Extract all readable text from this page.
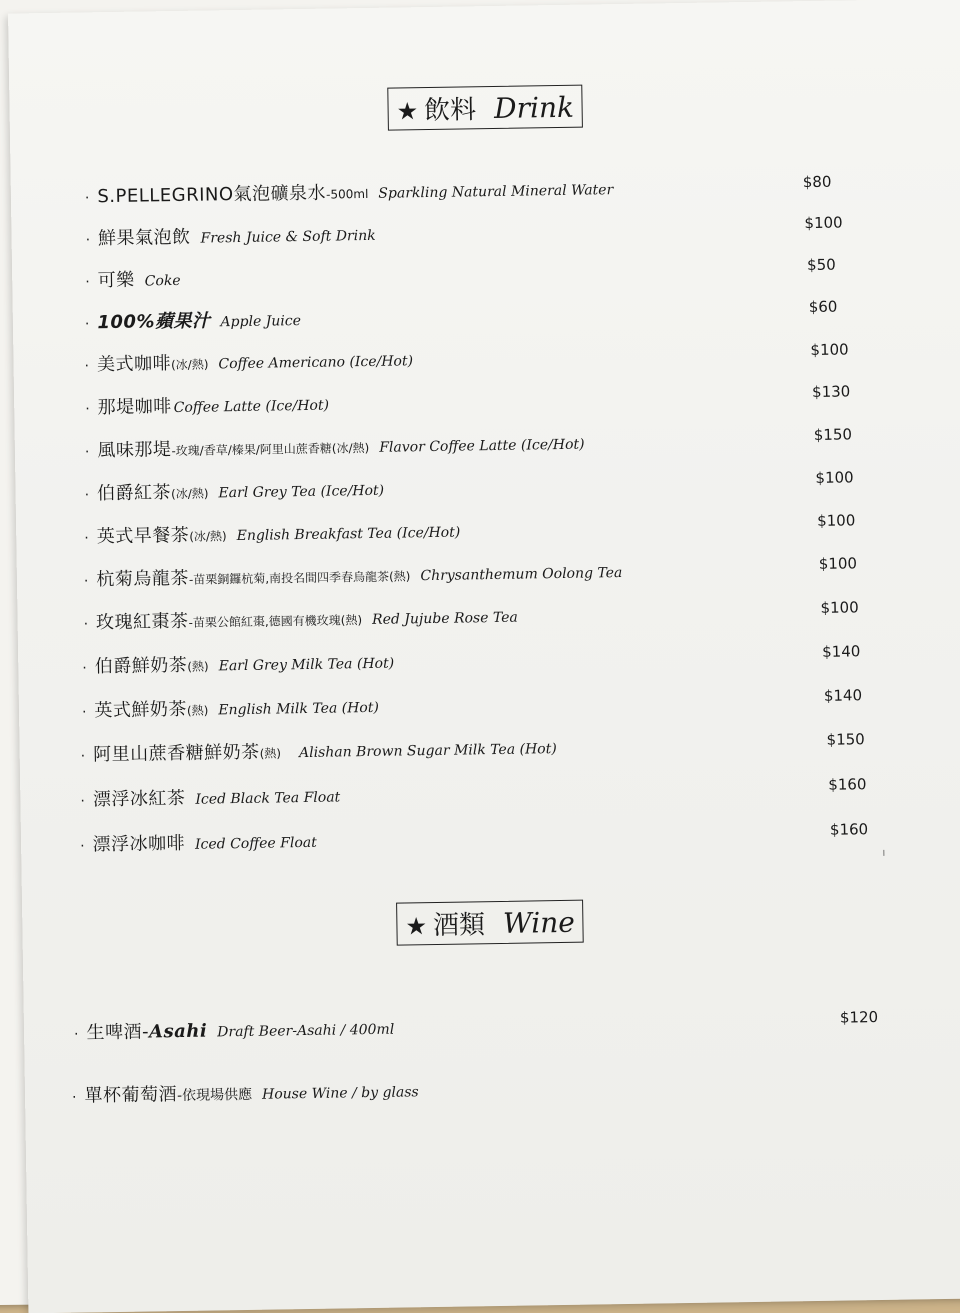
★ 飲料 Drink
· S.PELLEGRINO氣泡礦泉水 -500ml Sparkling Natural Mineral Water
$80
· 鮮果氣泡飲 Fresh Juice & Soft Drink
$100
· 可樂 Coke
$50
· 100%蘋果汁 Apple Juice
$60
· 美式咖啡 (冰/熱) Coffee Americano (Ice/Hot)
$100
· 那堤咖啡 Coffee Latte (Ice/Hot)
$130
· 風味那堤 -玫瑰/香草/榛果/阿里山蔗香糖(冰/熱) Flavor Coffee Latte (Ice/Hot)
$150
· 伯爵紅茶 (冰/熱) Earl Grey Tea (Ice/Hot)
$100
· 英式早餐茶 (冰/熱) English Breakfast Tea (Ice/Hot)
$100
· 杭菊烏龍茶 -苗栗銅鑼杭菊,南投名間四季春烏龍茶(熱) Chrysanthemum Oolong Tea
$100
· 玫瑰紅棗茶 -苗栗公館紅棗,德國有機玫瑰(熱) Red Jujube Rose Tea
$100
· 伯爵鮮奶茶 (熱) Earl Grey Milk Tea (Hot)
$140
· 英式鮮奶茶 (熱) English Milk Tea (Hot)
$140
· 阿里山蔗香糖鮮奶茶 (熱) Alishan Brown Sugar Milk Tea (Hot)
$150
· 漂浮冰紅茶 Iced Black Tea Float
$160
· 漂浮冰咖啡 Iced Coffee Float
$160
★ 酒類 Wine
· 生啤酒- Asahi Draft Beer-Asahi / 400ml
$120
· 單杯葡萄酒 -依現場供應 House Wine / by glass
